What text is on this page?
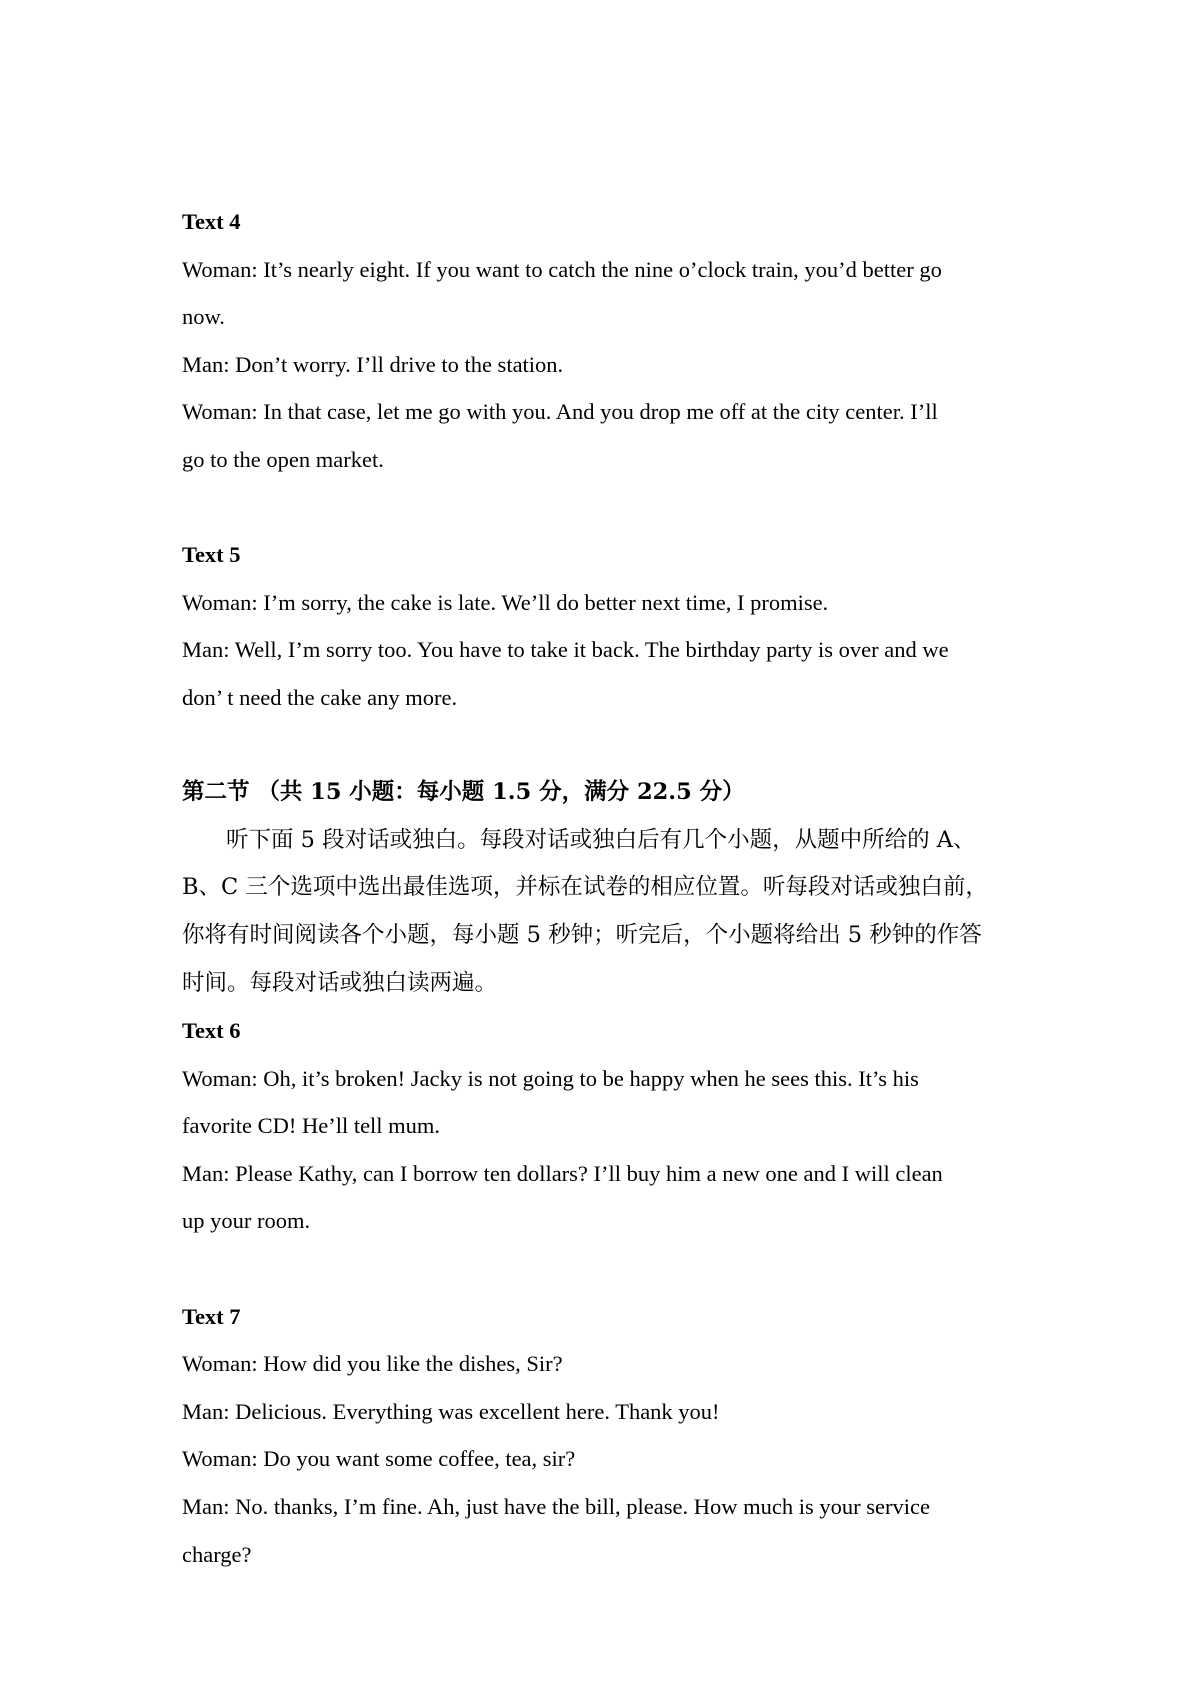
Text 4

Woman: It’s nearly eight. If you want to catch the nine o’clock train, you’d better go

now.

Man: Don’t worry. I’ll drive to the station.

Woman: In that case, let me go with you. And you drop me off at the city center. I’ll

go to the open market.

Text 5

Woman: I’m sorry, the cake is late. We’ll do better next time, I promise.

Man: Well, I’m sorry too. You have to take it back. The birthday party is over and we

don’ t need the cake any more.

第二节 （共 15 小题：每小题 1.5 分，满分 22.5 分）

听下面 5 段对话或独白。每段对话或独白后有几个小题，从题中所给的 A、

B、C 三个选项中选出最佳选项，并标在试卷的相应位置。听每段对话或独白前，

你将有时间阅读各个小题，每小题 5 秒钟；听完后，个小题将给出 5 秒钟的作答

时间。每段对话或独白读两遍。

Text 6

Woman: Oh, it’s broken! Jacky is not going to be happy when he sees this. It’s his

favorite CD! He’ll tell mum.

Man: Please Kathy, can I borrow ten dollars? I’ll buy him a new one and I will clean

up your room.

Text 7

Woman: How did you like the dishes, Sir?

Man: Delicious. Everything was excellent here. Thank you!

Woman: Do you want some coffee, tea, sir?

Man: No. thanks, I’m fine. Ah, just have the bill, please. How much is your service

charge?
